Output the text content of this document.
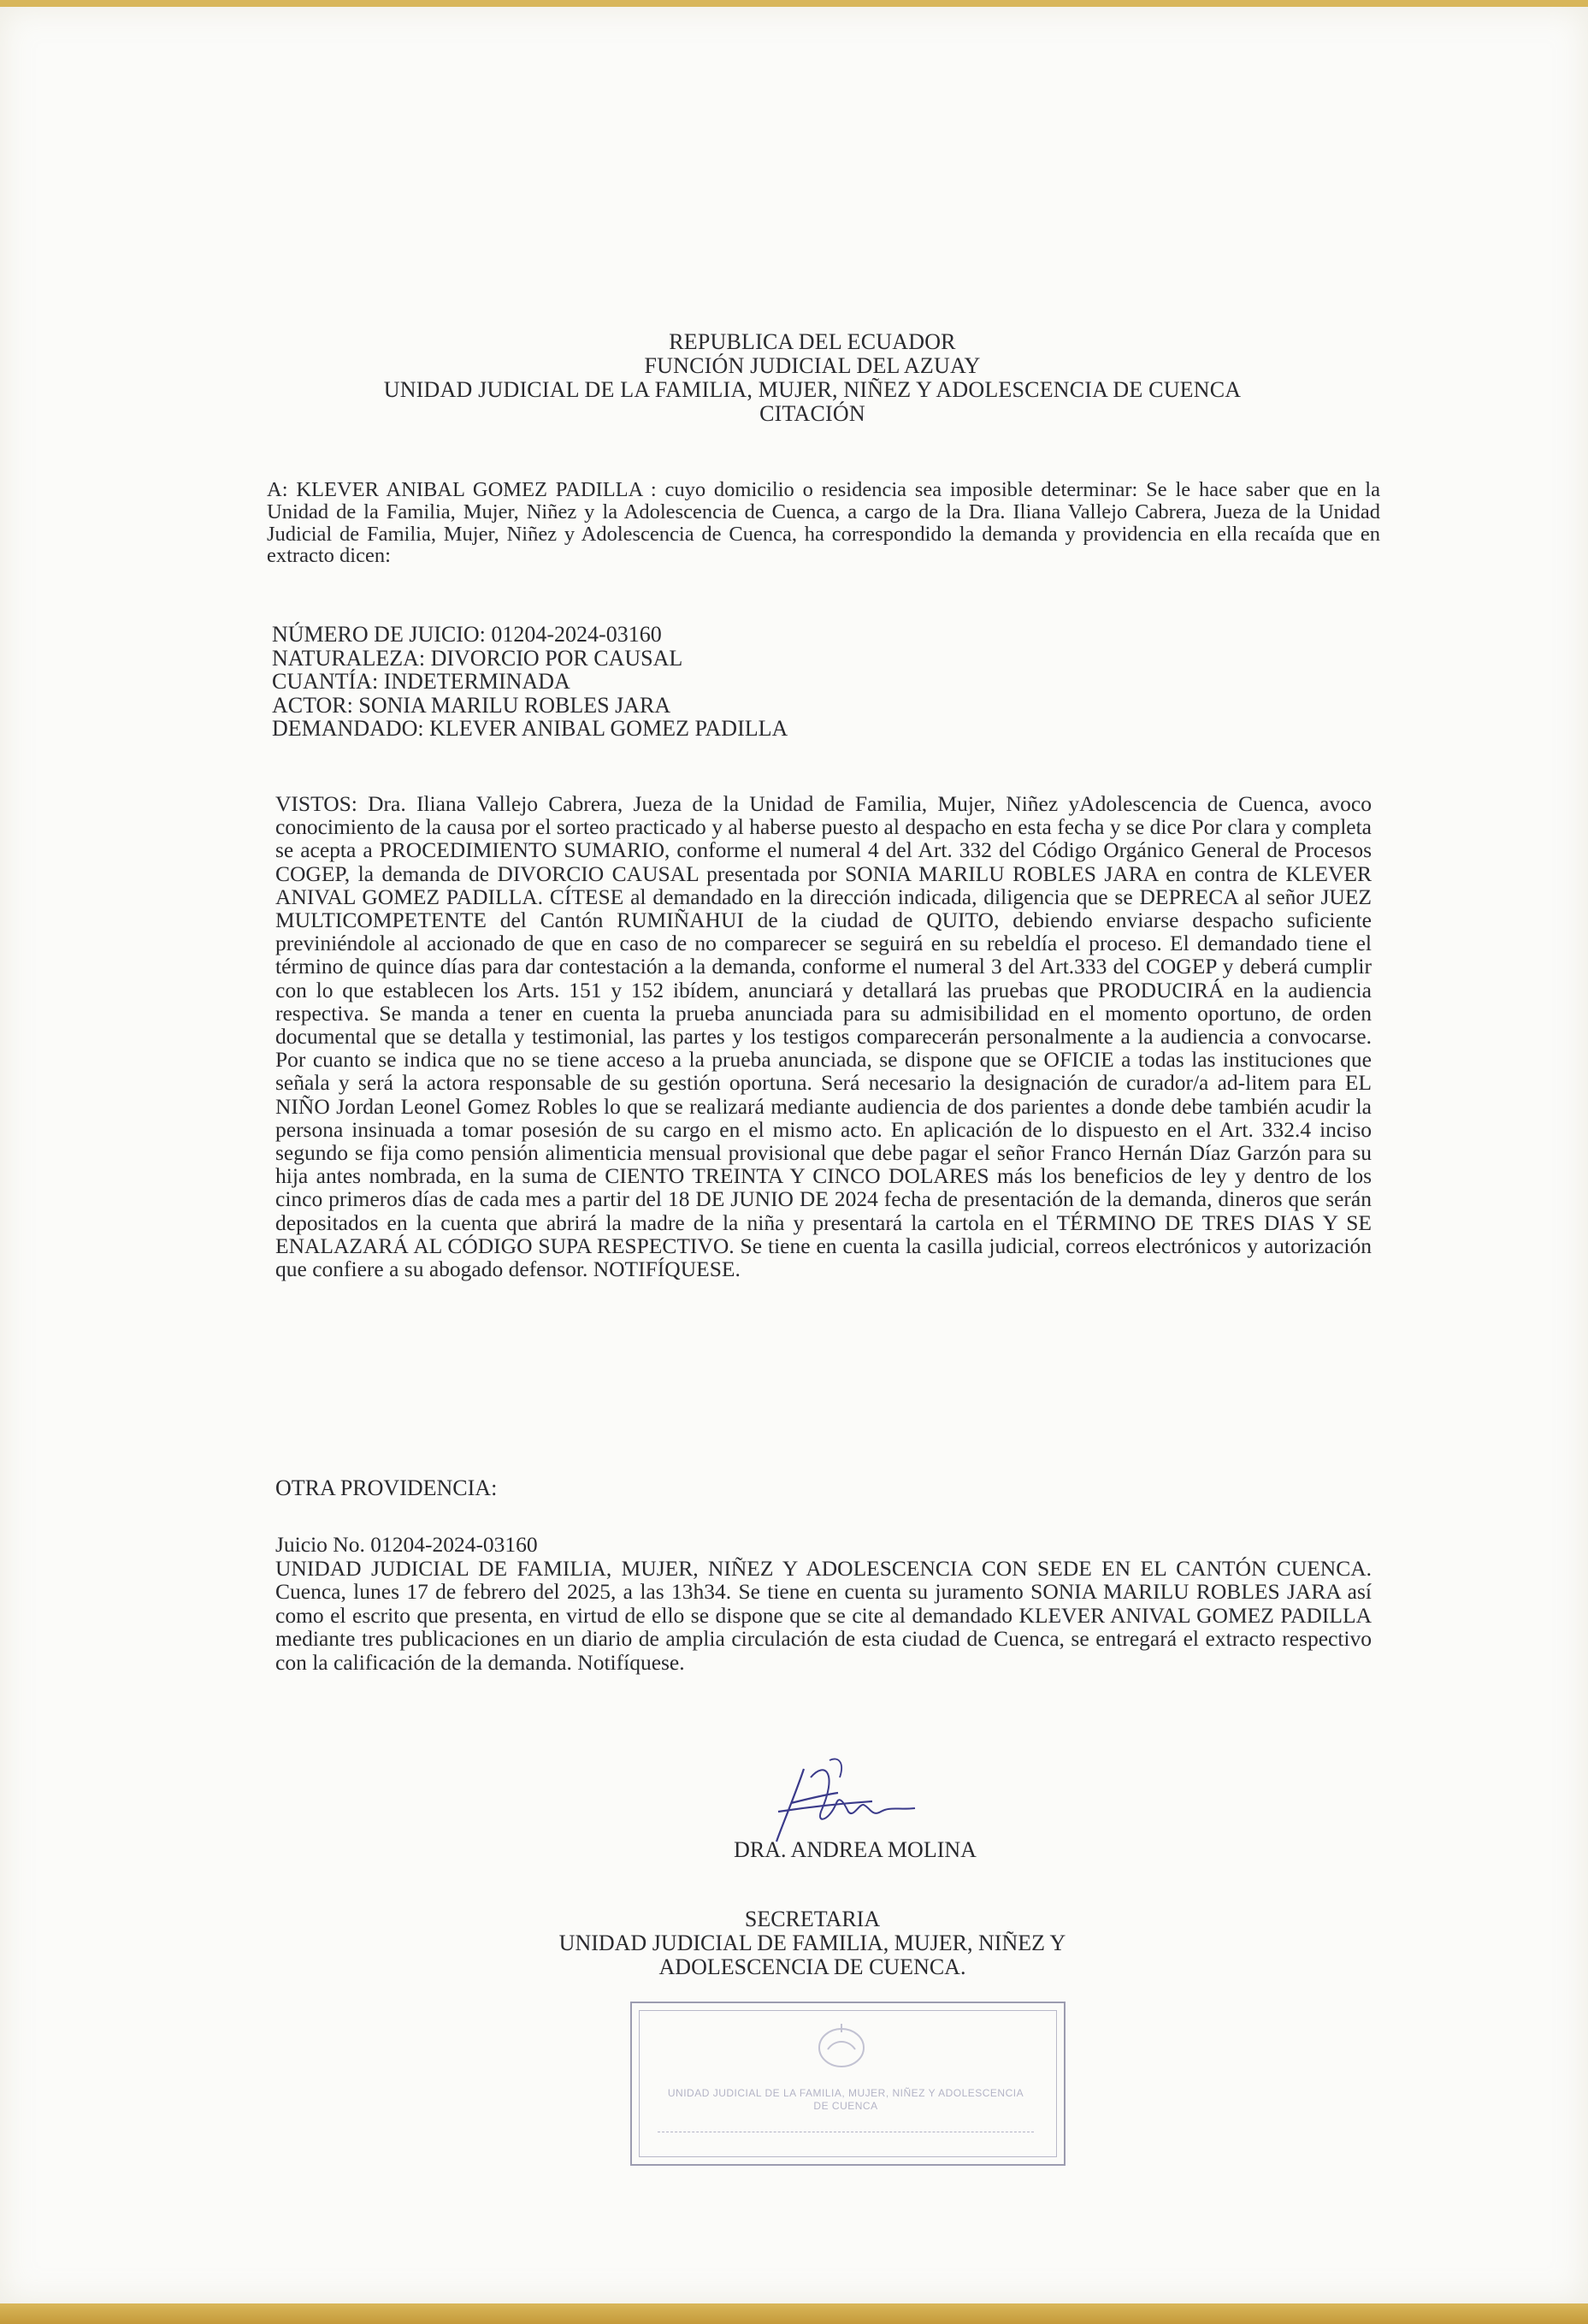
REPUBLICA DEL ECUADOR
FUNCIÓN JUDICIAL DEL AZUAY
UNIDAD JUDICIAL DE LA FAMILIA, MUJER, NIÑEZ Y ADOLESCENCIA DE CUENCA
CITACIÓN
A: KLEVER ANIBAL GOMEZ PADILLA : cuyo domicilio o residencia sea imposible determinar: Se le hace saber que en la Unidad de la Familia, Mujer, Niñez y la Adolescencia de Cuenca, a cargo de la Dra. Iliana Vallejo Cabrera, Jueza de la Unidad Judicial de Familia, Mujer, Niñez y Adolescencia de Cuenca, ha correspondido la demanda y providencia en ella recaída que en extracto dicen:
NÚMERO DE JUICIO: 01204-2024-03160
NATURALEZA: DIVORCIO POR CAUSAL
CUANTÍA: INDETERMINADA
ACTOR: SONIA MARILU ROBLES JARA
DEMANDADO: KLEVER ANIBAL GOMEZ PADILLA
VISTOS: Dra. Iliana Vallejo Cabrera, Jueza de la Unidad de Familia, Mujer, Niñez yAdolescencia de Cuenca, avoco conocimiento de la causa por el sorteo practicado y al haberse puesto al despacho en esta fecha y se dice Por clara y completa se acepta a PROCEDIMIENTO SUMARIO, conforme el numeral 4 del Art. 332 del Código Orgánico General de Procesos COGEP, la demanda de DIVORCIO CAUSAL presentada por SONIA MARILU ROBLES JARA en contra de KLEVER ANIVAL GOMEZ PADILLA. CÍTESE al demandado en la dirección indicada, diligencia que se DEPRECA al señor JUEZ MULTICOMPETENTE del Cantón RUMIÑAHUI de la ciudad de QUITO, debiendo enviarse despacho suficiente previniéndole al accionado de que en caso de no comparecer se seguirá en su rebeldía el proceso. El demandado tiene el término de quince días para dar contestación a la demanda, conforme el numeral 3 del Art.333 del COGEP y deberá cumplir con lo que establecen los Arts. 151 y 152 ibídem, anunciará y detallará las pruebas que PRODUCIRÁ en la audiencia respectiva. Se manda a tener en cuenta la prueba anunciada para su admisibilidad en el momento oportuno, de orden documental que se detalla y testimonial, las partes y los testigos comparecerán personalmente a la audiencia a convocarse. Por cuanto se indica que no se tiene acceso a la prueba anunciada, se dispone que se OFICIE a todas las instituciones que señala y será la actora responsable de su gestión oportuna. Será necesario la designación de curador/a ad-litem para EL NIÑO Jordan Leonel Gomez Robles lo que se realizará mediante audiencia de dos parientes a donde debe también acudir la persona insinuada a tomar posesión de su cargo en el mismo acto. En aplicación de lo dispuesto en el Art. 332.4 inciso segundo se fija como pensión alimenticia mensual provisional que debe pagar el señor Franco Hernán Díaz Garzón para su hija antes nombrada, en la suma de CIENTO TREINTA Y CINCO DOLARES más los beneficios de ley y dentro de los cinco primeros días de cada mes a partir del 18 DE JUNIO DE 2024 fecha de presentación de la demanda, dineros que serán depositados en la cuenta que abrirá la madre de la niña y presentará la cartola en el TÉRMINO DE TRES DIAS Y SE ENALAZARÁ AL CÓDIGO SUPA RESPECTIVO. Se tiene en cuenta la casilla judicial, correos electrónicos y autorización que confiere a su abogado defensor. NOTIFÍQUESE.
OTRA PROVIDENCIA:
Juicio No. 01204-2024-03160
UNIDAD JUDICIAL DE FAMILIA, MUJER, NIÑEZ Y ADOLESCENCIA CON SEDE EN EL CANTÓN CUENCA. Cuenca, lunes 17 de febrero del 2025, a las 13h34. Se tiene en cuenta su juramento SONIA MARILU ROBLES JARA así como el escrito que presenta, en virtud de ello se dispone que se cite al demandado KLEVER ANIVAL GOMEZ PADILLA mediante tres publicaciones en un diario de amplia circulación de esta ciudad de Cuenca, se entregará el extracto respectivo con la calificación de la demanda. Notifíquese.
DRA. ANDREA MOLINA
SECRETARIA
UNIDAD JUDICIAL DE FAMILIA, MUJER, NIÑEZ Y
ADOLESCENCIA DE CUENCA.
UNIDAD JUDICIAL DE LA FAMILIA, MUJER, NIÑEZ Y ADOLESCENCIA
DE CUENCA
